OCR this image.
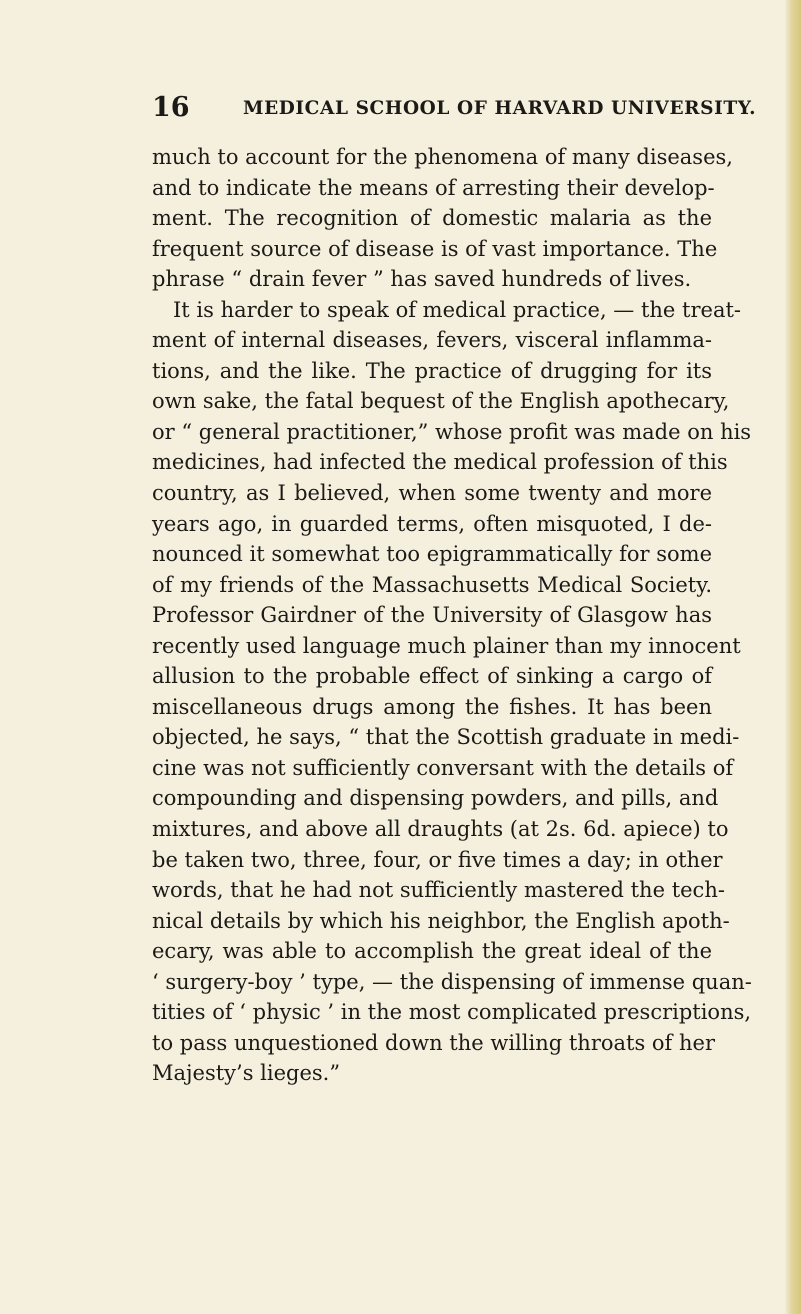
16	MEDICAL SCHOOL OF HARVARD UNIVERSITY.
much to account for the phenomena of many diseases,
and to indicate the means of arresting their develop-
ment. The recognition of domestic malaria as the
frequent source of disease is of vast importance. The
phrase “ drain fever ” has saved hundreds of lives.
It is harder to speak of medical practice, — the treat-
ment of internal diseases, fevers, visceral inflamma-
tions, and the like. The practice of drugging for its
own sake, the fatal bequest of the English apothecary,
or “ general practitioner,” whose profit was made on his
medicines, had infected the medical profession of this
country, as I believed, when some twenty and more
years ago, in guarded terms, often misquoted, I de-
nounced it somewhat too epigrammatically for some
of my friends of the Massachusetts Medical Society.
Professor Gairdner of the University of Glasgow has
recently used language much plainer than my innocent
allusion to the probable effect of sinking a cargo of
miscellaneous drugs among the fishes. It has been
objected, he says, “ that the Scottish graduate in medi-
cine was not sufficiently conversant with the details of
compounding and dispensing powders, and pills, and
mixtures, and above all draughts (at 2s. 6d. apiece) to
be taken two, three, four, or five times a day; in other
words, that he had not sufficiently mastered the tech-
nical details by which his neighbor, the English apoth-
ecary, was able to accomplish the great ideal of the
‘ surgery-boy ’ type, — the dispensing of immense quan-
tities of ‘ physic ’ in the most complicated prescriptions,
to pass unquestioned down the willing throats of her
Majesty’s lieges.”
